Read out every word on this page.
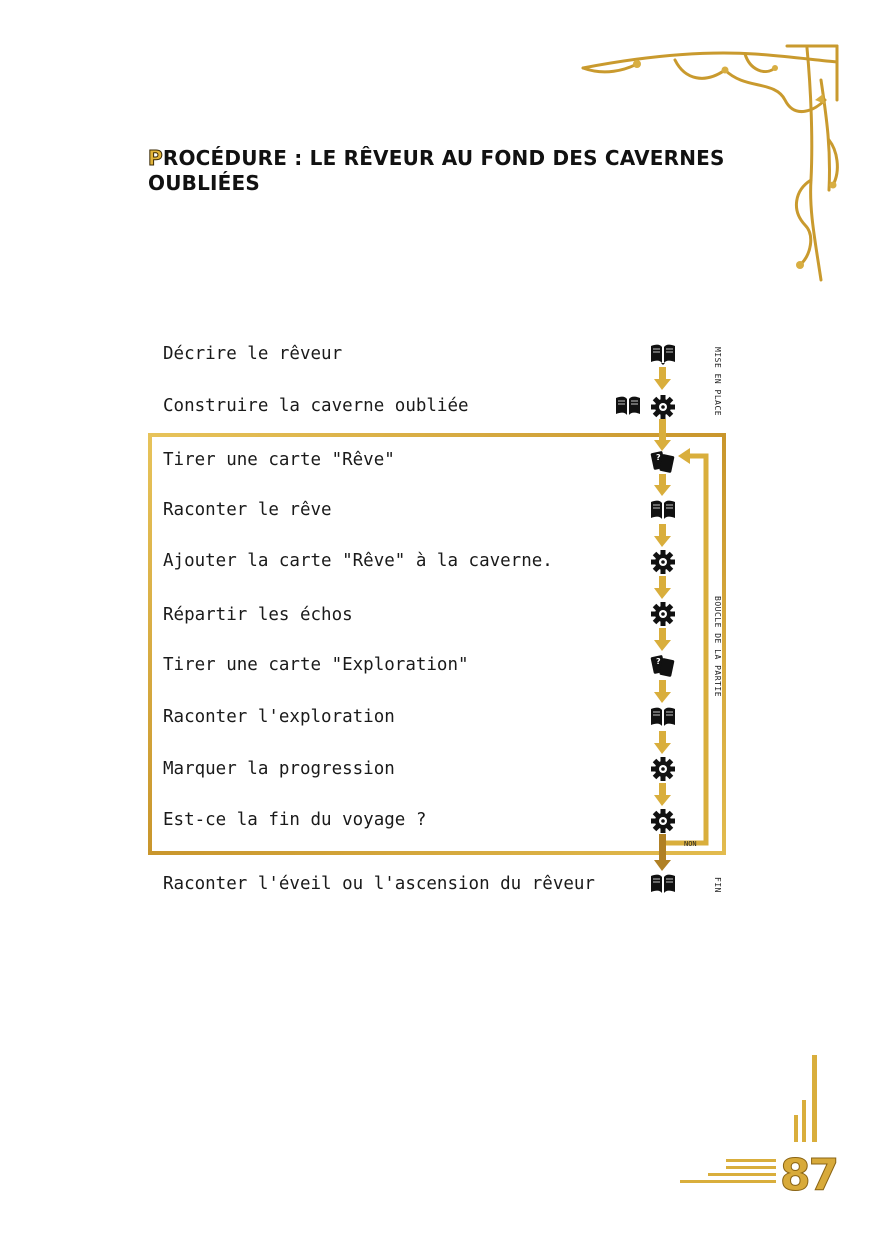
PROCÉDURE : LE RÊVEUR AU FOND DES CAVERNES OUBLIÉES
Décrire le rêveur
Construire la caverne oubliée
Tirer une carte "Rêve"
Raconter le rêve
Ajouter la carte "Rêve" à la caverne.
Répartir les échos
Tirer une carte "Exploration"
Raconter l'exploration
Marquer la progression
Est-ce la fin du voyage ?
Raconter l'éveil ou l'ascension du rêveur
?
?
MISE EN PLACE
BOUCLE DE LA PARTIE
FIN
NON
87
